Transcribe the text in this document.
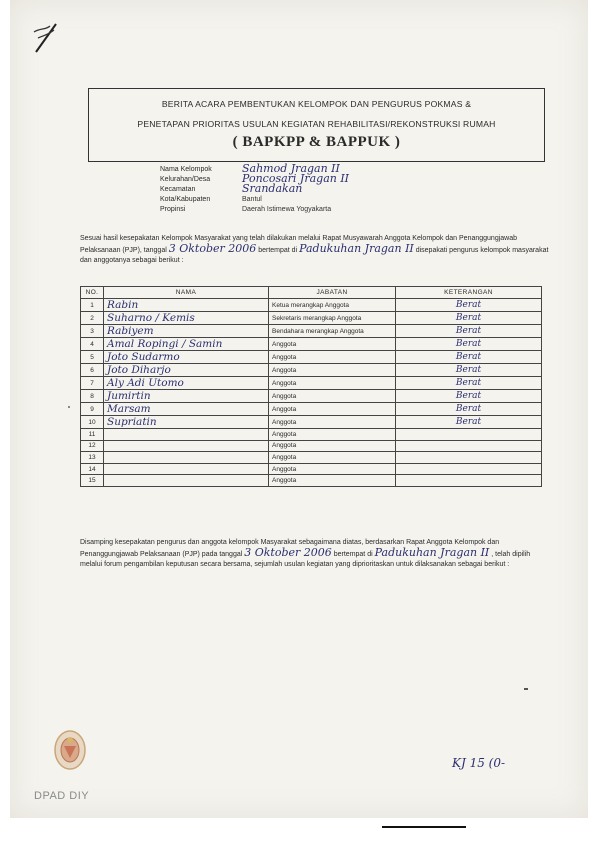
BERITA ACARA PEMBENTUKAN KELOMPOK DAN PENGURUS POKMAS &
PENETAPAN PRIORITAS USULAN KEGIATAN REHABILITASI/REKONSTRUKSI RUMAH
( BAPKPP & BAPPUK )
Nama Kelompok	Sahmod Jragan II
Kelurahan/Desa	Poncosari Jragan II
Kecamatan	Srandakan
Kota/Kabupaten	Bantul
Propinsi	Daerah Istimewa Yogyakarta
Sesuai hasil kesepakatan Kelompok Masyarakat yang telah dilakukan melalui Rapat Musyawarah Anggota Kelompok dan Penanggungjawab Pelaksanaan (PJP), tanggal 3 Oktober 2006 bertempat di Padukuhan Jragan II disepakati pengurus kelompok masyarakat dan anggotanya sebagai berikut :
NO.	NAMA	JABATAN	KETERANGAN
1	Rabin	Ketua merangkap Anggota	Berat
2	Suharno / Kemis	Sekretaris merangkap Anggota	Berat
3	Rabiyem	Bendahara merangkap Anggota	Berat
4	Amal Ropingi / Samin	Anggota	Berat
5	Joto Sudarmo	Anggota	Berat
6	Joto Diharjo	Anggota	Berat
7	Aly Adi Utomo	Anggota	Berat
8	Jumirtin	Anggota	Berat
9	Marsam	Anggota	Berat
10	Supriatin	Anggota	Berat
11		Anggota	
12		Anggota	
13		Anggota	
14		Anggota	
15		Anggota	
Disamping kesepakatan pengurus dan anggota kelompok Masyarakat sebagaimana diatas, berdasarkan Rapat Anggota Kelompok dan Penanggungjawab Pelaksanaan (PJP) pada tanggal 3 Oktober 2006 bertempat di Padukuhan Jragan II , telah dipilih melalui forum pengambilan keputusan secara bersama, sejumlah usulan kegiatan yang diprioritaskan untuk dilaksanakan sebagai berikut :
DPAD DIY
KJ 15 (0-
